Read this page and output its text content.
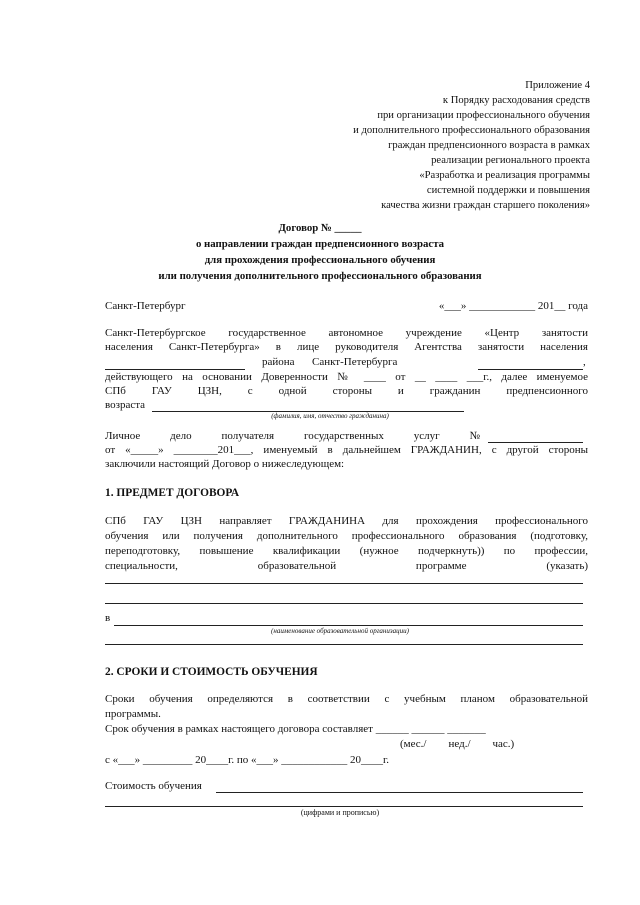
Приложение 4
к Порядку расходования средств
при организации профессионального обучения
и дополнительного профессионального образования
граждан предпенсионного возраста в рамках
реализации регионального проекта
«Разработка и реализация программы
системной поддержки и повышения
качества жизни граждан старшего поколения»
Договор № _____
о направлении граждан предпенсионного возраста
для прохождения профессионального обучения
или получения дополнительного профессионального образования
Санкт-Петербург	«___» ____________ 201__ года
Санкт-Петербургское государственное автономное учреждение «Центр занятости
населения Санкт-Петербурга» в лице руководителя Агентства занятости населения
района Санкт-Петербурга	,
действующего на основании Доверенности № ____ от __ ____ ___г., далее именуемое
СПб ГАУ ЦЗН, с одной стороны и гражданин предпенсионного
возраста
(фамилия, имя, отчество гражданина)
Личное дело получателя государственных услуг №
от «_____» ________201___, именуемый в дальнейшем ГРАЖДАНИН, с другой стороны
заключили настоящий Договор о нижеследующем:
1. ПРЕДМЕТ ДОГОВОРА
СПб ГАУ ЦЗН направляет ГРАЖДАНИНА для прохождения профессионального
обучения или получения дополнительного профессионального образования (подготовку,
переподготовку, повышение квалификации (нужное подчеркнуть)) по профессии,
специальности, образовательной программе (указать)
в
(наименование образовательной организации)
2. СРОКИ И СТОИМОСТЬ ОБУЧЕНИЯ
Сроки обучения определяются в соответствии с учебным планом образовательной
программы.
Срок обучения в рамках настоящего договора составляет ______ ______ _______
(мес./        нед./        час.)
с «___» _________ 20____г. по «___» ____________ 20____г.
Стоимость обучения
(цифрами и прописью)
